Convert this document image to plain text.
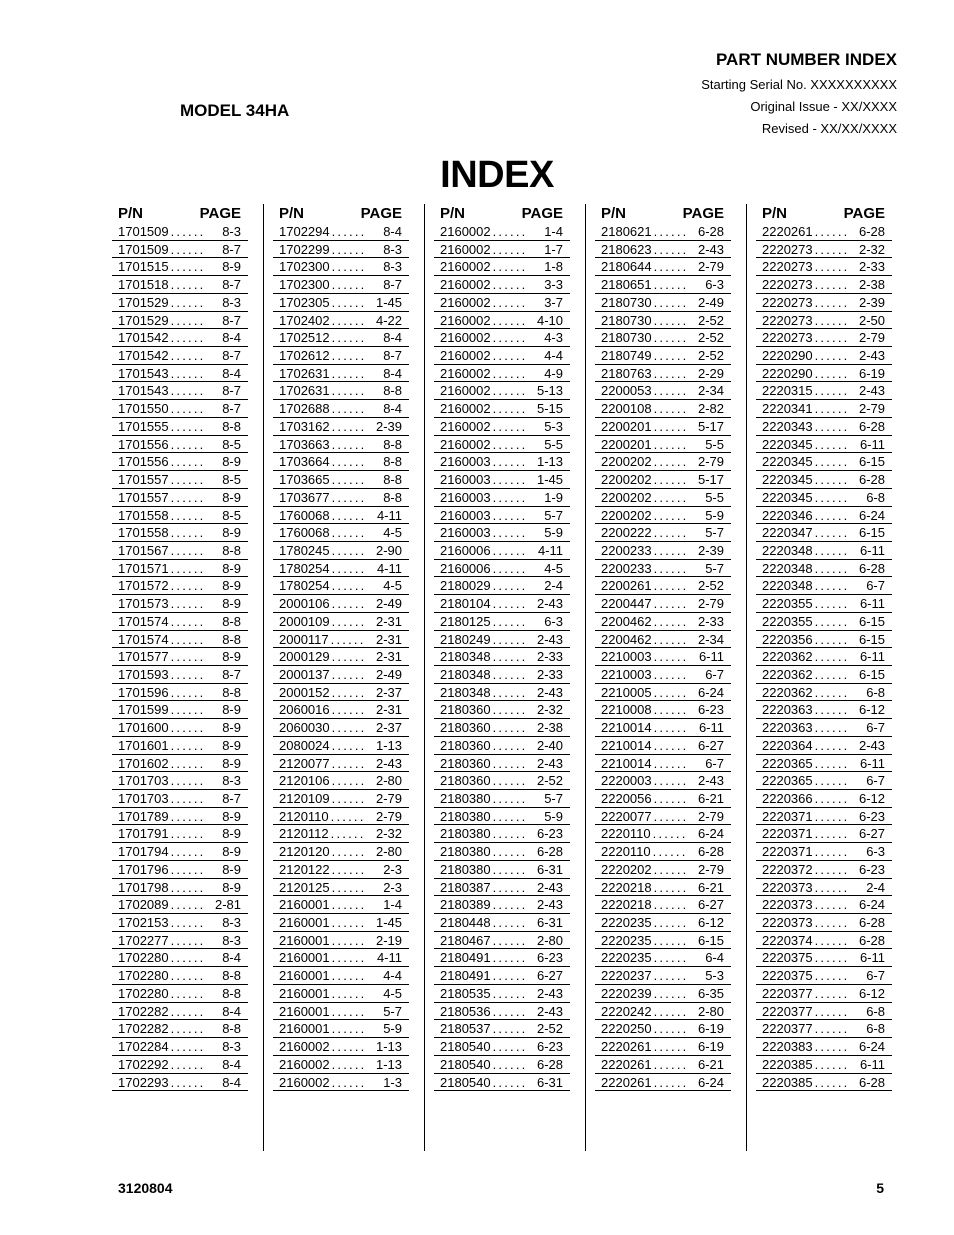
PART NUMBER INDEX
Starting Serial No. XXXXXXXXXX
Original Issue - XX/XXXX
Revised - XX/XX/XXXX
MODEL 34HA
INDEX
P/N	PAGE
1701509 ......	8-3
1701509 ......	8-7
1701515 ......	8-9
1701518 ......	8-7
1701529 ......	8-3
1701529 ......	8-7
1701542 ......	8-4
1701542 ......	8-7
1701543 ......	8-4
1701543 ......	8-7
1701550 ......	8-7
1701555 ......	8-8
1701556 ......	8-5
1701556 ......	8-9
1701557 ......	8-5
1701557 ......	8-9
1701558 ......	8-5
1701558 ......	8-9
1701567 ......	8-8
1701571 ......	8-9
1701572 ......	8-9
1701573 ......	8-9
1701574 ......	8-8
1701574 ......	8-8
1701577 ......	8-9
1701593 ......	8-7
1701596 ......	8-8
1701599 ......	8-9
1701600 ......	8-9
1701601 ......	8-9
1701602 ......	8-9
1701703 ......	8-3
1701703 ......	8-7
1701789 ......	8-9
1701791 ......	8-9
1701794 ......	8-9
1701796 ......	8-9
1701798 ......	8-9
1702089 ...... 2-81
1702153 ......	8-3
1702277 ......	8-3
1702280 ......	8-4
1702280 ......	8-8
1702280 ......	8-8
1702282 ......	8-4
1702282 ......	8-8
1702284 ......	8-3
1702292 ......	8-4
1702293 ......	8-4
P/N	PAGE
1702294 ......	8-4
1702299 ......	8-3
1702300 ......	8-3
1702300 ......	8-7
1702305 ...... 1-45
1702402 ...... 4-22
1702512 ......	8-4
1702612 ......	8-7
1702631 ......	8-4
1702631 ......	8-8
1702688 ......	8-4
1703162 ...... 2-39
1703663 ......	8-8
1703664 ......	8-8
1703665 ......	8-8
1703677 ......	8-8
1760068 ...... 4-11
1760068 ......	4-5
1780245 ...... 2-90
1780254 ...... 4-11
1780254 ......	4-5
2000106 ...... 2-49
2000109 ...... 2-31
2000117 ...... 2-31
2000129 ...... 2-31
2000137 ...... 2-49
2000152 ...... 2-37
2060016 ...... 2-31
2060030 ...... 2-37
2080024 ...... 1-13
2120077 ...... 2-43
2120106 ...... 2-80
2120109 ...... 2-79
2120110 ...... 2-79
2120112 ...... 2-32
2120120 ...... 2-80
2120122 ......	2-3
2120125 ......	2-3
2160001 ......	1-4
2160001 ...... 1-45
2160001 ...... 2-19
2160001 ...... 4-11
2160001 ......	4-4
2160001 ......	4-5
2160001 ......	5-7
2160001 ......	5-9
2160002 ...... 1-13
2160002 ...... 1-13
2160002 ......	1-3
P/N	PAGE
2160002 ......	1-4
2160002 ......	1-7
2160002 ......	1-8
2160002 ......	3-3
2160002 ......	3-7
2160002 ...... 4-10
2160002 ......	4-3
2160002 ......	4-4
2160002 ......	4-9
2160002 ...... 5-13
2160002 ...... 5-15
2160002 ......	5-3
2160002 ......	5-5
2160003 ...... 1-13
2160003 ...... 1-45
2160003 ......	1-9
2160003 ......	5-7
2160003 ......	5-9
2160006 ...... 4-11
2160006 ......	4-5
2180029 ......	2-4
2180104 ...... 2-43
2180125 ......	6-3
2180249 ...... 2-43
2180348 ...... 2-33
2180348 ...... 2-33
2180348 ...... 2-43
2180360 ...... 2-32
2180360 ...... 2-38
2180360 ...... 2-40
2180360 ...... 2-43
2180360 ...... 2-52
2180380 ......	5-7
2180380 ......	5-9
2180380 ...... 6-23
2180380 ...... 6-28
2180380 ...... 6-31
2180387 ...... 2-43
2180389 ...... 2-43
2180448 ...... 6-31
2180467 ...... 2-80
2180491 ...... 6-23
2180491 ...... 6-27
2180535 ...... 2-43
2180536 ...... 2-43
2180537 ...... 2-52
2180540 ...... 6-23
2180540 ...... 6-28
2180540 ...... 6-31
P/N	PAGE
2180621 ...... 6-28
2180623 ...... 2-43
2180644 ...... 2-79
2180651 ......	6-3
2180730 ...... 2-49
2180730 ...... 2-52
2180730 ...... 2-52
2180749 ...... 2-52
2180763 ...... 2-29
2200053 ...... 2-34
2200108 ...... 2-82
2200201 ...... 5-17
2200201 ......	5-5
2200202 ...... 2-79
2200202 ...... 5-17
2200202 ......	5-5
2200202 ......	5-9
2200222 ......	5-7
2200233 ...... 2-39
2200233 ......	5-7
2200261 ...... 2-52
2200447 ...... 2-79
2200462 ...... 2-33
2200462 ...... 2-34
2210003 ...... 6-11
2210003 ......	6-7
2210005 ...... 6-24
2210008 ...... 6-23
2210014 ...... 6-11
2210014 ...... 6-27
2210014 ......	6-7
2220003 ...... 2-43
2220056 ...... 6-21
2220077 ...... 2-79
2220110 ...... 6-24
2220110 ...... 6-28
2220202 ...... 2-79
2220218 ...... 6-21
2220218 ...... 6-27
2220235 ...... 6-12
2220235 ...... 6-15
2220235 ......	6-4
2220237 ......	5-3
2220239 ...... 6-35
2220242 ...... 2-80
2220250 ...... 6-19
2220261 ...... 6-19
2220261 ...... 6-21
2220261 ...... 6-24
P/N	PAGE
2220261 ...... 6-28
2220273 ...... 2-32
2220273 ...... 2-33
2220273 ...... 2-38
2220273 ...... 2-39
2220273 ...... 2-50
2220273 ...... 2-79
2220290 ...... 2-43
2220290 ...... 6-19
2220315 ...... 2-43
2220341 ...... 2-79
2220343 ...... 6-28
2220345 ...... 6-11
2220345 ...... 6-15
2220345 ...... 6-28
2220345 ......	6-8
2220346 ...... 6-24
2220347 ...... 6-15
2220348 ...... 6-11
2220348 ...... 6-28
2220348 ......	6-7
2220355 ...... 6-11
2220355 ...... 6-15
2220356 ...... 6-15
2220362 ...... 6-11
2220362 ...... 6-15
2220362 ......	6-8
2220363 ...... 6-12
2220363 ......	6-7
2220364 ...... 2-43
2220365 ...... 6-11
2220365 ......	6-7
2220366 ...... 6-12
2220371 ...... 6-23
2220371 ...... 6-27
2220371 ......	6-3
2220372 ...... 6-23
2220373 ......	2-4
2220373 ...... 6-24
2220373 ...... 6-28
2220374 ...... 6-28
2220375 ...... 6-11
2220375 ......	6-7
2220377 ...... 6-12
2220377 ......	6-8
2220377 ......	6-8
2220383 ...... 6-24
2220385 ...... 6-11
2220385 ...... 6-28
3120804	5
